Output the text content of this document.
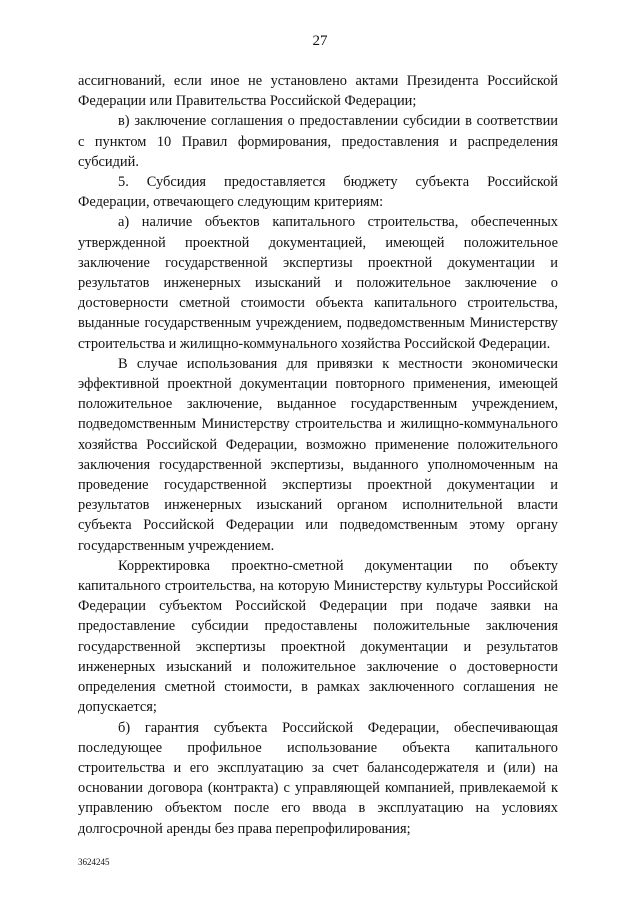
27

ассигнований, если иное не установлено актами Президента Российской Федерации или Правительства Российской Федерации;

в) заключение соглашения о предоставлении субсидии в соответствии с пунктом 10 Правил формирования, предоставления и распределения субсидий.

5. Субсидия предоставляется бюджету субъекта Российской Федерации, отвечающего следующим критериям:

а) наличие объектов капитального строительства, обеспеченных утвержденной проектной документацией, имеющей положительное заключение государственной экспертизы проектной документации и результатов инженерных изысканий и положительное заключение о достоверности сметной стоимости объекта капитального строительства, выданные государственным учреждением, подведомственным Министерству строительства и жилищно-коммунального хозяйства Российской Федерации.

В случае использования для привязки к местности экономически эффективной проектной документации повторного применения, имеющей положительное заключение, выданное государственным учреждением, подведомственным Министерству строительства и жилищно-коммунального хозяйства Российской Федерации, возможно применение положительного заключения государственной экспертизы, выданного уполномоченным на проведение государственной экспертизы проектной документации и результатов инженерных изысканий органом исполнительной власти субъекта Российской Федерации или подведомственным этому органу государственным учреждением.

Корректировка проектно-сметной документации по объекту капитального строительства, на которую Министерству культуры Российской Федерации субъектом Российской Федерации при подаче заявки на предоставление субсидии предоставлены положительные заключения государственной экспертизы проектной документации и результатов инженерных изысканий и положительное заключение о достоверности определения сметной стоимости, в рамках заключенного соглашения не допускается;

б) гарантия субъекта Российской Федерации, обеспечивающая последующее профильное использование объекта капитального строительства и его эксплуатацию за счет балансодержателя и (или) на основании договора (контракта) с управляющей компанией, привлекаемой к управлению объектом после его ввода в эксплуатацию на условиях долгосрочной аренды без права перепрофилирования;

3624245
